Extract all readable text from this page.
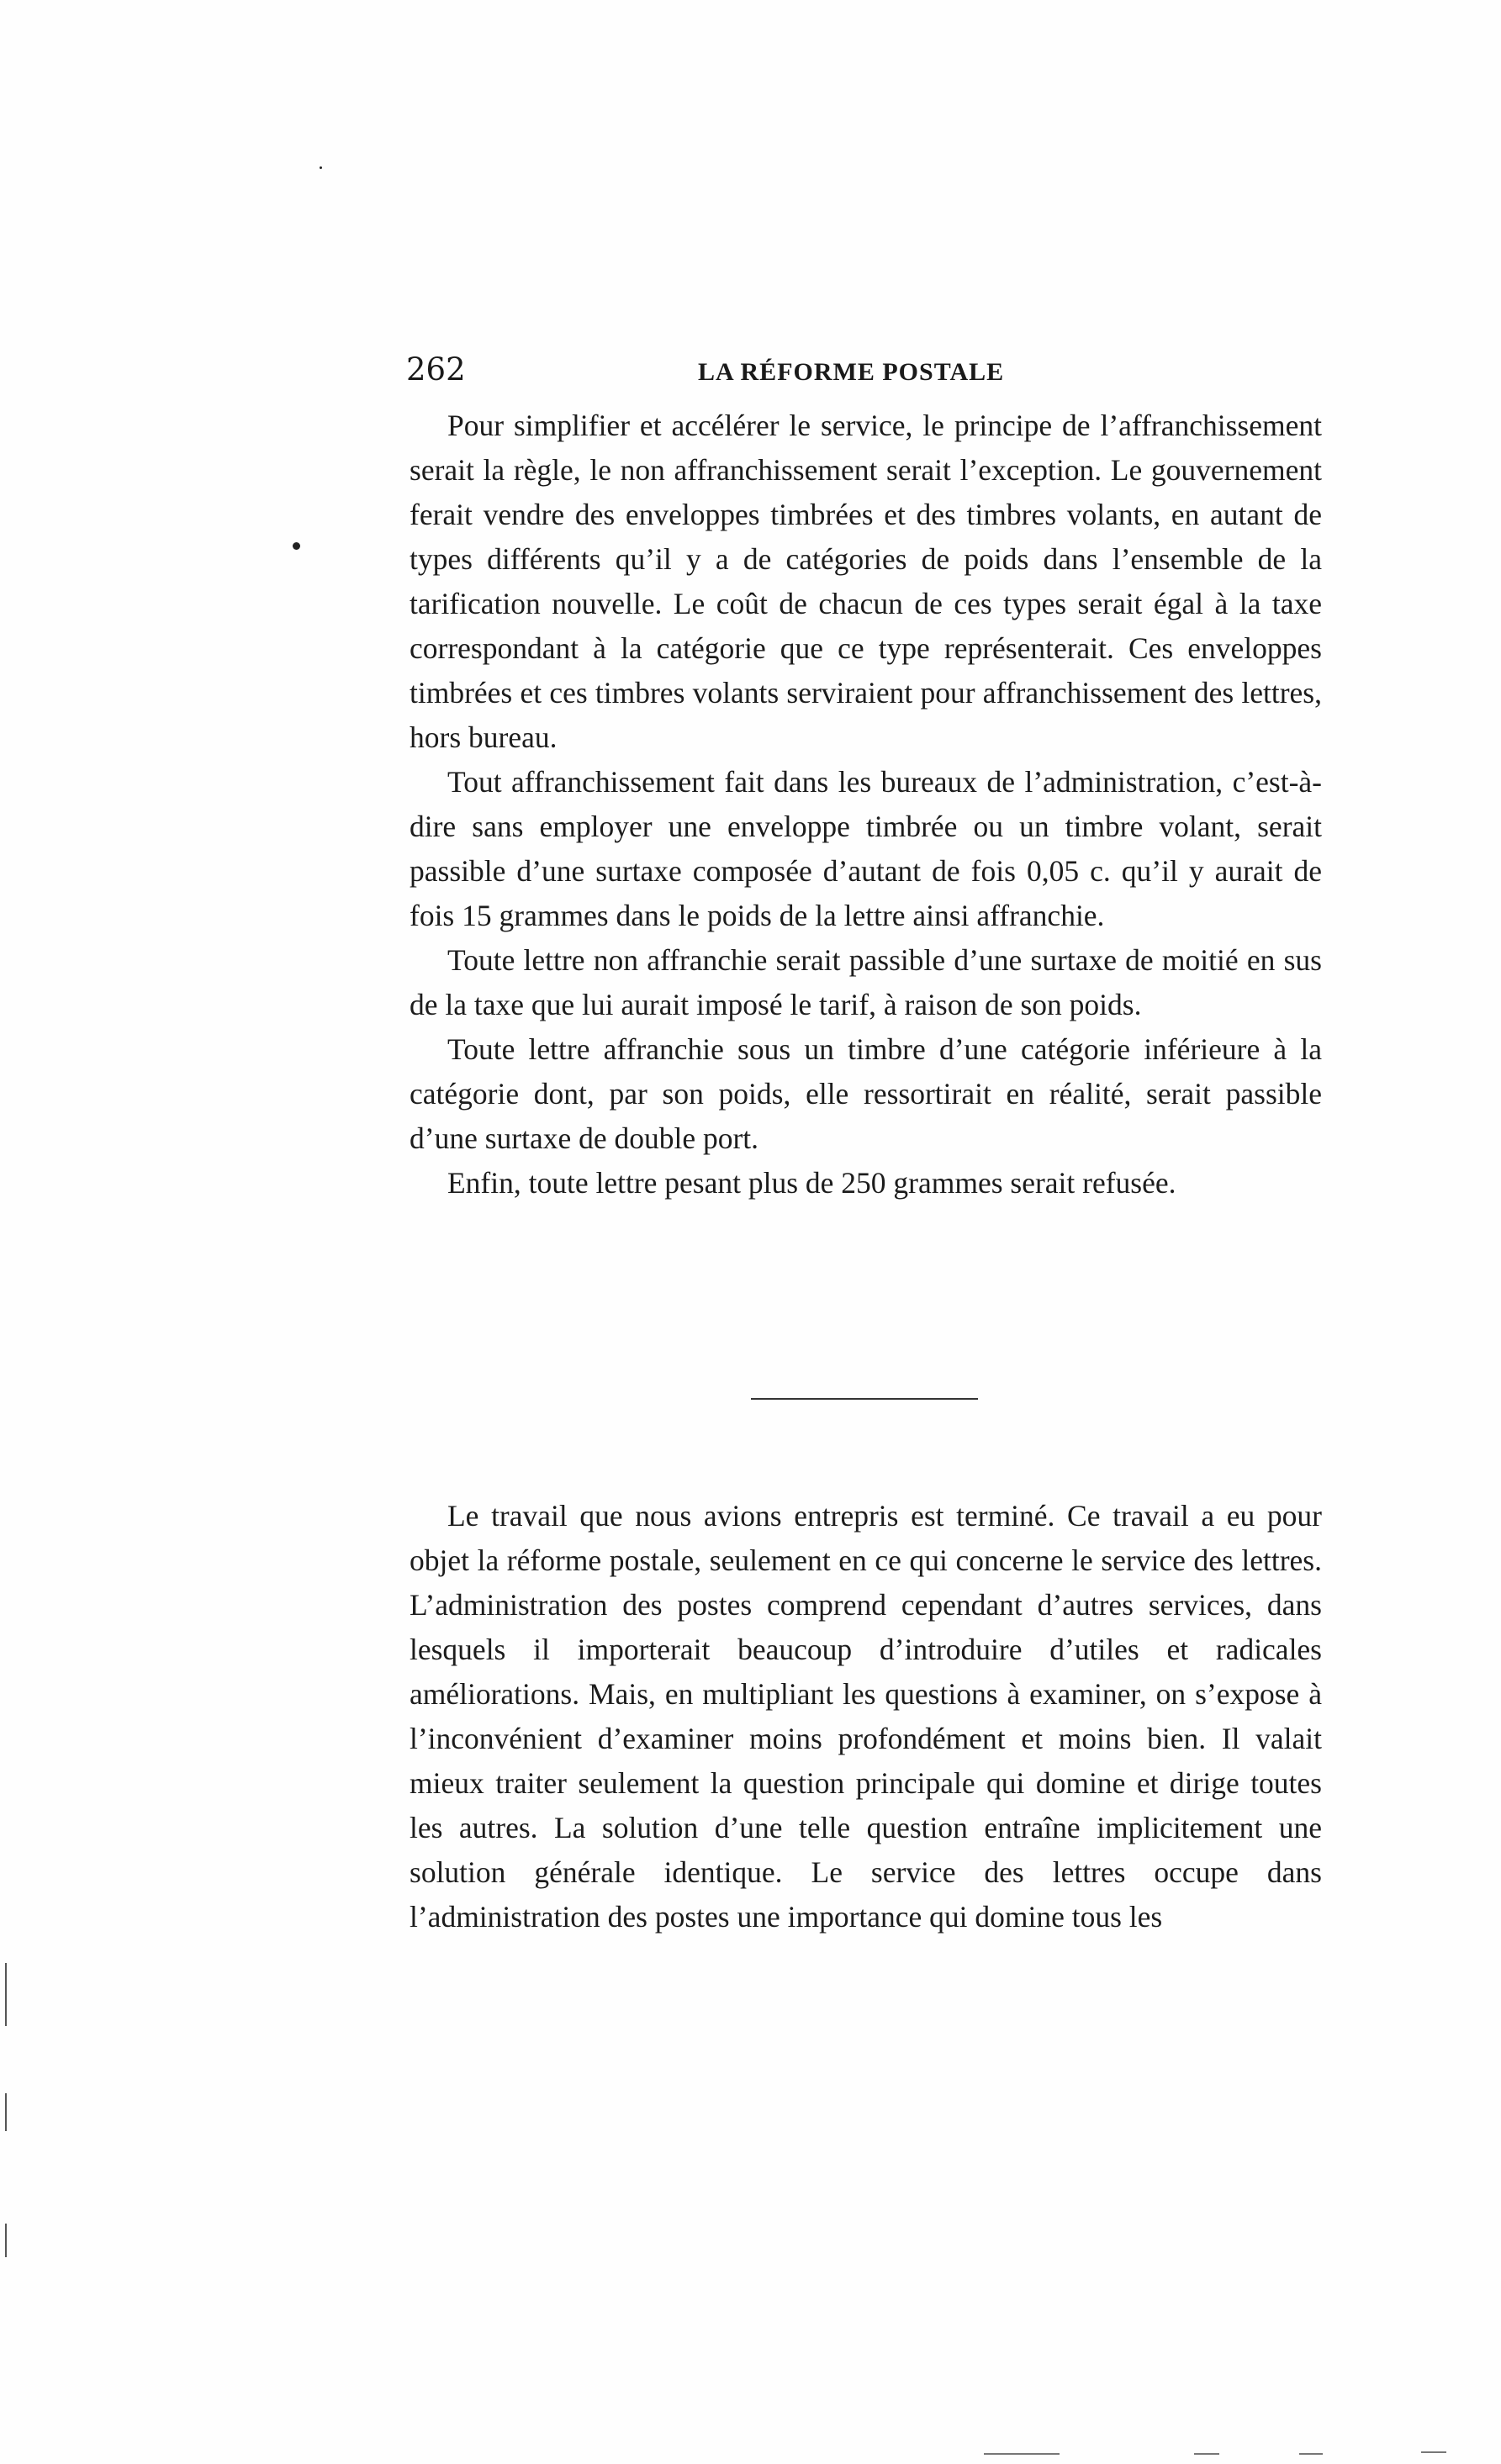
262	LA RÉFORME POSTALE

Pour simplifier et accélérer le service, le principe de l’affranchissement serait la règle, le non affranchissement serait l’exception. Le gouvernement ferait vendre des enveloppes timbrées et des timbres volants, en autant de types différents qu’il y a de catégories de poids dans l’ensemble de la tarification nouvelle. Le coût de chacun de ces types serait égal à la taxe correspondant à la catégorie que ce type représenterait. Ces enveloppes timbrées et ces timbres volants serviraient pour affranchissement des lettres, hors bureau.

Tout affranchissement fait dans les bureaux de l’administration, c’est-à-dire sans employer une enveloppe timbrée ou un timbre volant, serait passible d’une surtaxe composée d’autant de fois 0,05 c. qu’il y aurait de fois 15 grammes dans le poids de la lettre ainsi affranchie.

Toute lettre non affranchie serait passible d’une surtaxe de moitié en sus de la taxe que lui aurait imposé le tarif, à raison de son poids.

Toute lettre affranchie sous un timbre d’une catégorie inférieure à la catégorie dont, par son poids, elle ressortirait en réalité, serait passible d’une surtaxe de double port.

Enfin, toute lettre pesant plus de 250 grammes serait refusée.

Le travail que nous avions entrepris est terminé. Ce travail a eu pour objet la réforme postale, seulement en ce qui concerne le service des lettres. L’administration des postes comprend cependant d’autres services, dans lesquels il importerait beaucoup d’introduire d’utiles et radicales améliorations. Mais, en multipliant les questions à examiner, on s’expose à l’inconvénient d’examiner moins profondément et moins bien. Il valait mieux traiter seulement la question principale qui domine et dirige toutes les autres. La solution d’une telle question entraîne implicitement une solution générale identique. Le service des lettres occupe dans l’administration des postes une importance qui domine tous les
